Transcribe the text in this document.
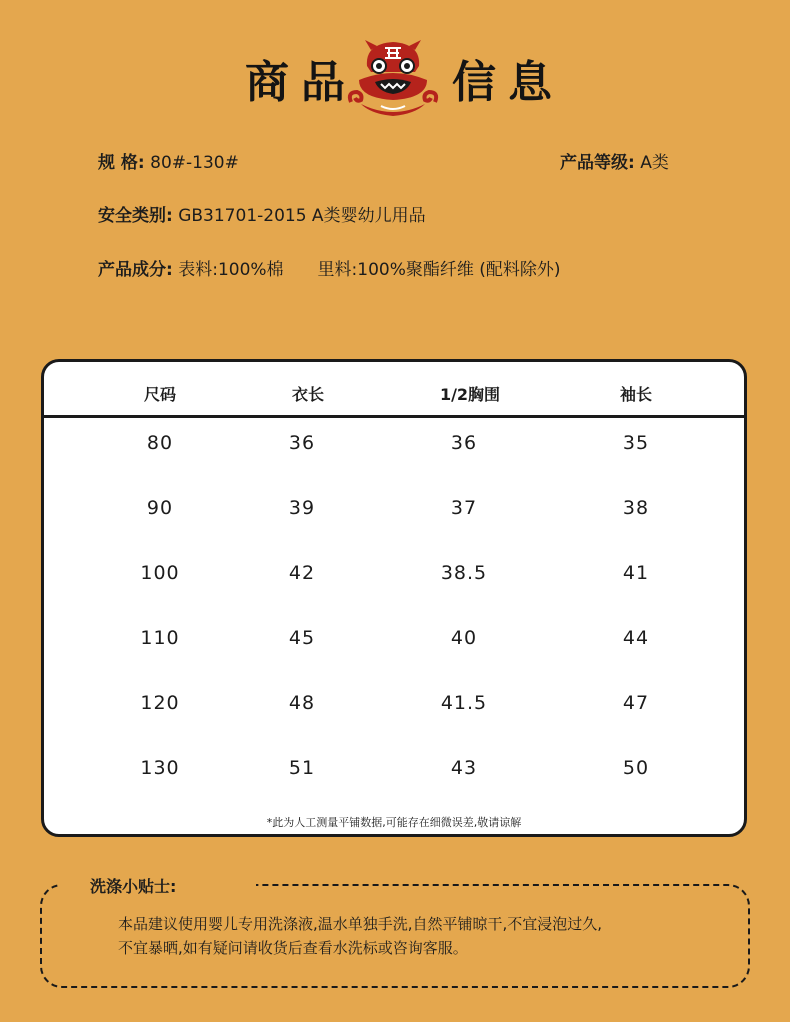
商品 信息
规 格: 80#-130#	产品等级: A类
安全类别: GB31701-2015 A类婴幼儿用品
产品成分: 表料:100%棉　　里料:100%聚酯纤维 (配料除外)
尺码	衣长	1/2胸围	袖长
80	36	36	35
90	39	37	38
100	42	38.5	41
110	45	40	44
120	48	41.5	47
130	51	43	50
*此为人工测量平铺数据,可能存在细微误差,敬请谅解
洗涤小贴士:
本品建议使用婴儿专用洗涤液,温水单独手洗,自然平铺晾干,不宜浸泡过久,
不宜暴晒,如有疑问请收货后查看水洗标或咨询客服。
